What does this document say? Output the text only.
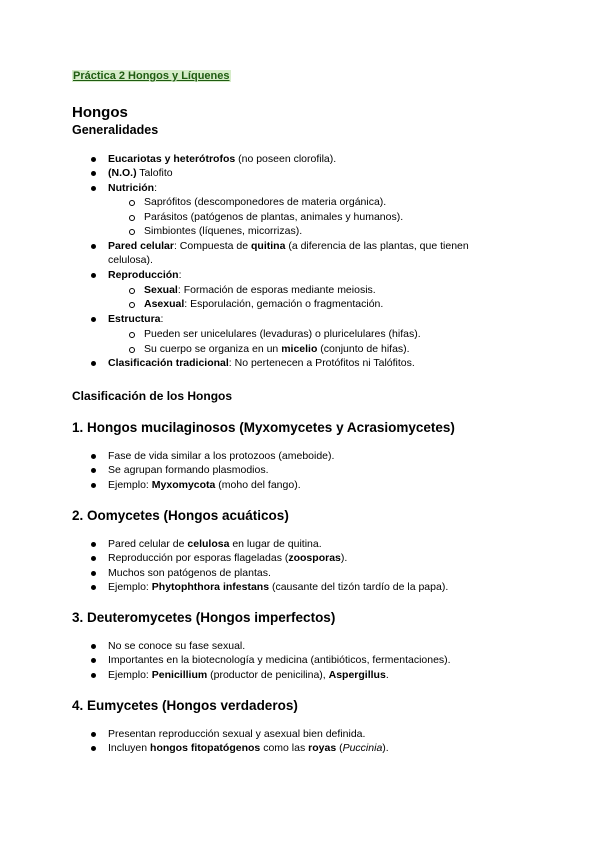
Práctica 2 Hongos y Líquenes
Hongos
Generalidades
Eucariotas y heterótrofos (no poseen clorofila).
(N.O.) Talofito
Nutrición:
Saprófitos (descomponedores de materia orgánica).
Parásitos (patógenos de plantas, animales y humanos).
Simbiontes (líquenes, micorrizas).
Pared celular: Compuesta de quitina (a diferencia de las plantas, que tienen
celulosa).
Reproducción:
Sexual: Formación de esporas mediante meiosis.
Asexual: Esporulación, gemación o fragmentación.
Estructura:
Pueden ser unicelulares (levaduras) o pluricelulares (hifas).
Su cuerpo se organiza en un micelio (conjunto de hifas).
Clasificación tradicional: No pertenecen a Protófitos ni Talófitos.
Clasificación de los Hongos
1. Hongos mucilaginosos (Myxomycetes y Acrasiomycetes)
Fase de vida similar a los protozoos (ameboide).
Se agrupan formando plasmodios.
Ejemplo: Myxomycota (moho del fango).
2. Oomycetes (Hongos acuáticos)
Pared celular de celulosa en lugar de quitina.
Reproducción por esporas flageladas (zoosporas).
Muchos son patógenos de plantas.
Ejemplo: Phytophthora infestans (causante del tizón tardío de la papa).
3. Deuteromycetes (Hongos imperfectos)
No se conoce su fase sexual.
Importantes en la biotecnología y medicina (antibióticos, fermentaciones).
Ejemplo: Penicillium (productor de penicilina), Aspergillus.
4. Eumycetes (Hongos verdaderos)
Presentan reproducción sexual y asexual bien definida.
Incluyen hongos fitopatógenos como las royas (Puccinia).
